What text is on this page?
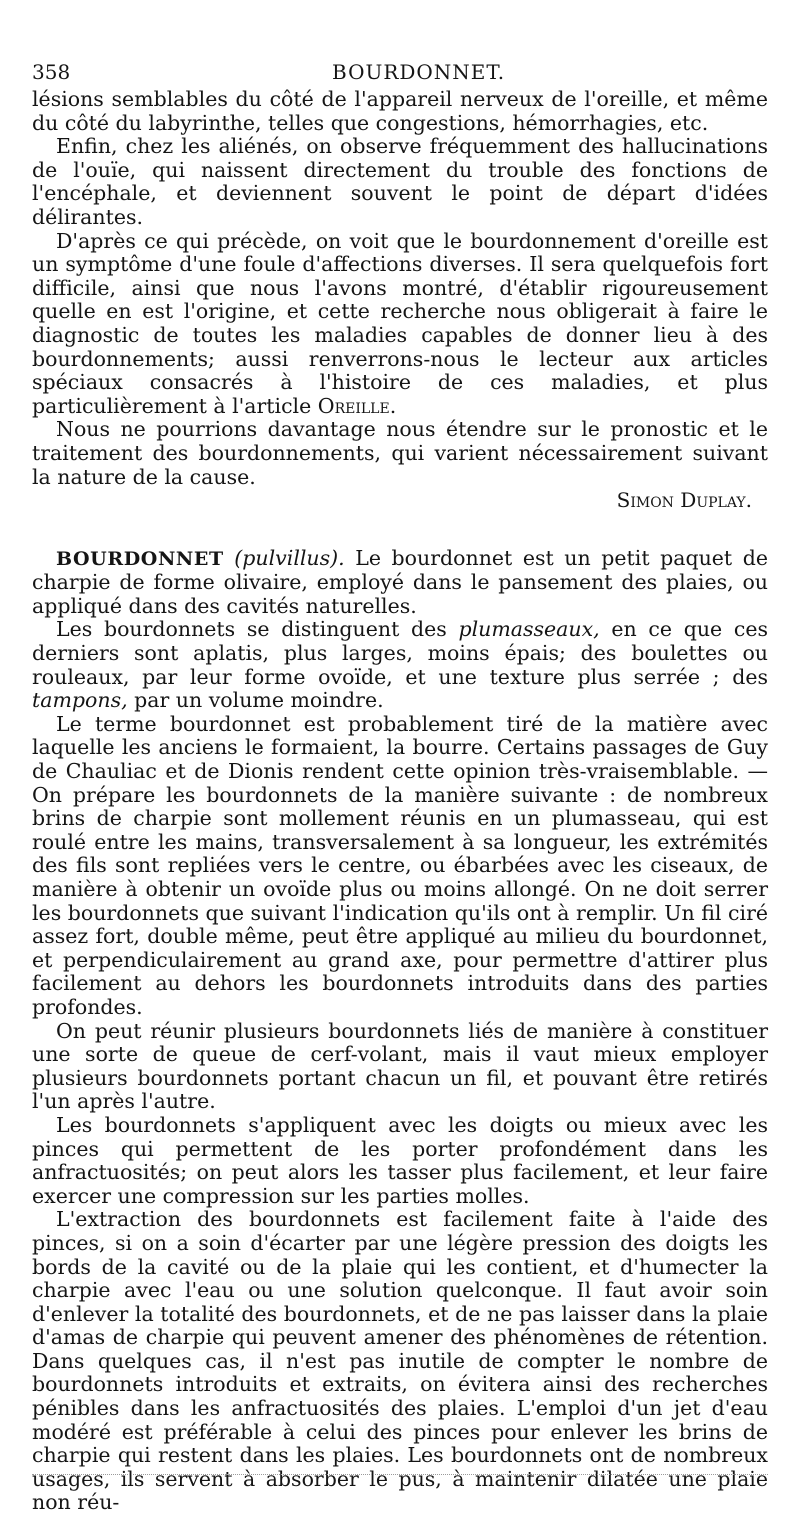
358	BOURDONNET.

lésions semblables du côté de l'appareil nerveux de l'oreille, et même du côté du labyrinthe, telles que congestions, hémorrhagies, etc.

Enfin, chez les aliénés, on observe fréquemment des hallucinations de l'ouïe, qui naissent directement du trouble des fonctions de l'encéphale, et deviennent souvent le point de départ d'idées délirantes.

D'après ce qui précède, on voit que le bourdonnement d'oreille est un symptôme d'une foule d'affections diverses. Il sera quelquefois fort difficile, ainsi que nous l'avons montré, d'établir rigoureusement quelle en est l'origine, et cette recherche nous obligerait à faire le diagnostic de toutes les maladies capables de donner lieu à des bourdonnements; aussi renverrons-nous le lecteur aux articles spéciaux consacrés à l'histoire de ces maladies, et plus particulièrement à l'article Oreille.

Nous ne pourrions davantage nous étendre sur le pronostic et le traitement des bourdonnements, qui varient nécessairement suivant la nature de la cause.

Simon Duplay.

BOURDONNET (pulvillus). Le bourdonnet est un petit paquet de charpie de forme olivaire, employé dans le pansement des plaies, ou appliqué dans des cavités naturelles.

Les bourdonnets se distinguent des plumasseaux, en ce que ces derniers sont aplatis, plus larges, moins épais; des boulettes ou rouleaux, par leur forme ovoïde, et une texture plus serrée ; des tampons, par un volume moindre.

Le terme bourdonnet est probablement tiré de la matière avec laquelle les anciens le formaient, la bourre. Certains passages de Guy de Chauliac et de Dionis rendent cette opinion très-vraisemblable. — On prépare les bourdonnets de la manière suivante : de nombreux brins de charpie sont mollement réunis en un plumasseau, qui est roulé entre les mains, transversalement à sa longueur, les extrémités des fils sont repliées vers le centre, ou ébarbées avec les ciseaux, de manière à obtenir un ovoïde plus ou moins allongé. On ne doit serrer les bourdonnets que suivant l'indication qu'ils ont à remplir. Un fil ciré assez fort, double même, peut être appliqué au milieu du bourdonnet, et perpendiculairement au grand axe, pour permettre d'attirer plus facilement au dehors les bourdonnets introduits dans des parties profondes.

On peut réunir plusieurs bourdonnets liés de manière à constituer une sorte de queue de cerf-volant, mais il vaut mieux employer plusieurs bourdonnets portant chacun un fil, et pouvant être retirés l'un après l'autre.

Les bourdonnets s'appliquent avec les doigts ou mieux avec les pinces qui permettent de les porter profondément dans les anfractuosités; on peut alors les tasser plus facilement, et leur faire exercer une compression sur les parties molles.

L'extraction des bourdonnets est facilement faite à l'aide des pinces, si on a soin d'écarter par une légère pression des doigts les bords de la cavité ou de la plaie qui les contient, et d'humecter la charpie avec l'eau ou une solution quelconque. Il faut avoir soin d'enlever la totalité des bourdonnets, et de ne pas laisser dans la plaie d'amas de charpie qui peuvent amener des phénomènes de rétention. Dans quelques cas, il n'est pas inutile de compter le nombre de bourdonnets introduits et extraits, on évitera ainsi des recherches pénibles dans les anfractuosités des plaies. L'emploi d'un jet d'eau modéré est préférable à celui des pinces pour enlever les brins de charpie qui restent dans les plaies. Les bourdonnets ont de nombreux usages, ils servent à absorber le pus, à maintenir dilatée une plaie non réu-
